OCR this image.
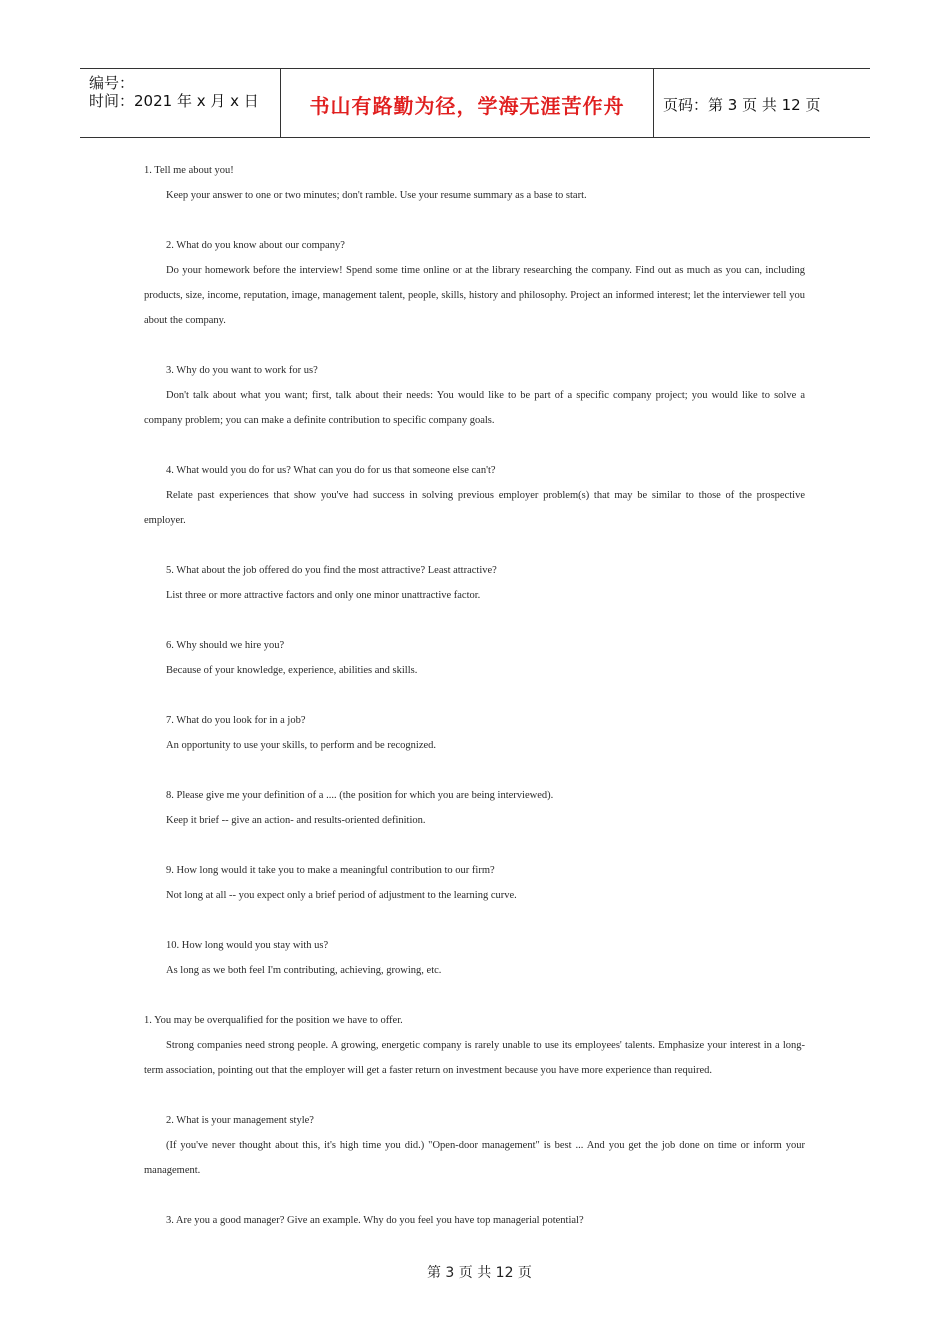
编号：
时间：2021 年 x 月 x 日	书山有路勤为径，学海无涯苦作舟	页码：第 3 页 共 12 页
1. Tell me about you!
Keep your answer to one or two minutes; don't ramble. Use your resume summary as a base to start.
2. What do you know about our company?
Do your homework before the interview! Spend some time online or at the library researching the company. Find out as much as you can, including products, size, income, reputation, image, management talent, people, skills, history and philosophy. Project an informed interest; let the interviewer tell you about the company.
3. Why do you want to work for us?
Don't talk about what you want; first, talk about their needs: You would like to be part of a specific company project; you would like to solve a company problem; you can make a definite contribution to specific company goals.
4. What would you do for us? What can you do for us that someone else can't?
Relate past experiences that show you've had success in solving previous employer problem(s) that may be similar to those of the prospective employer.
5. What about the job offered do you find the most attractive? Least attractive?
List three or more attractive factors and only one minor unattractive factor.
6. Why should we hire you?
Because of your knowledge, experience, abilities and skills.
7. What do you look for in a job?
An opportunity to use your skills, to perform and be recognized.
8. Please give me your definition of a .... (the position for which you are being interviewed).
Keep it brief -- give an action- and results-oriented definition.
9. How long would it take you to make a meaningful contribution to our firm?
Not long at all -- you expect only a brief period of adjustment to the learning curve.
10. How long would you stay with us?
As long as we both feel I'm contributing, achieving, growing, etc.
1. You may be overqualified for the position we have to offer.
Strong companies need strong people. A growing, energetic company is rarely unable to use its employees' talents. Emphasize your interest in a long-term association, pointing out that the employer will get a faster return on investment because you have more experience than required.
2. What is your management style?
(If you've never thought about this, it's high time you did.) "Open-door management" is best ... And you get the job done on time or inform your management.
3. Are you a good manager? Give an example. Why do you feel you have top managerial potential?

第 3 页 共 12 页
